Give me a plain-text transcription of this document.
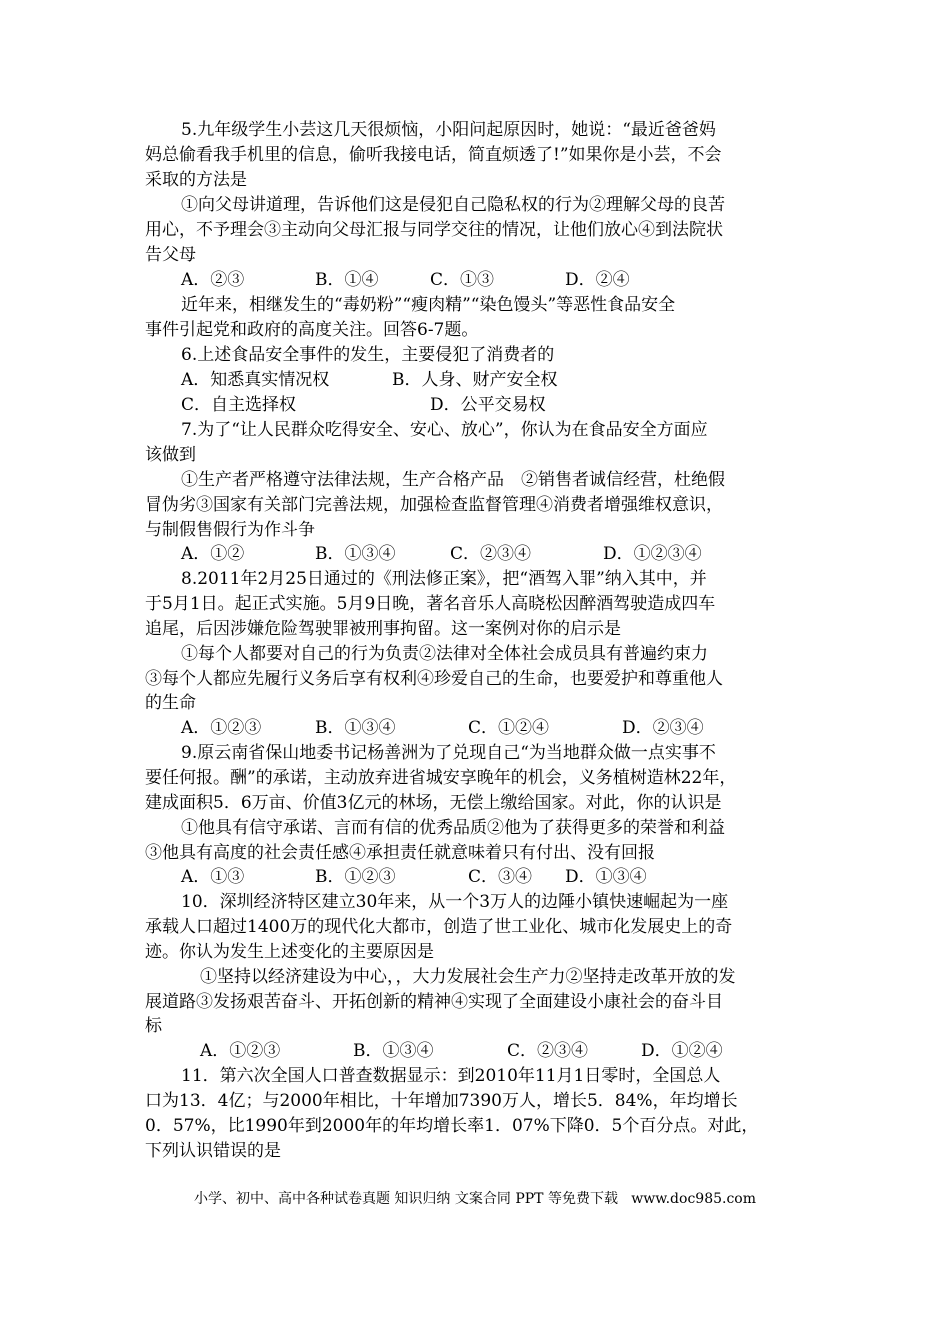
5.九年级学生小芸这几天很烦恼，小阳问起原因时，她说：“最近爸爸妈
妈总偷看我手机里的信息，偷听我接电话，简直烦透了!”如果你是小芸，不会
采取的方法是
①向父母讲道理，告诉他们这是侵犯自己隐私权的行为②理解父母的良苦
用心，不予理会③主动向父母汇报与同学交往的情况，让他们放心④到法院状
告父母
A．②③	B．①④	C．①③	D．②④
近年来，相继发生的“毒奶粉”“瘦肉精”“染色馒头”等恶性食品安全
事件引起党和政府的高度关注。回答6-7题。
6.上述食品安全事件的发生，主要侵犯了消费者的
A．知悉真实情况权	B．人身、财产安全权
C．自主选择权	D．公平交易权
7.为了“让人民群众吃得安全、安心、放心”，你认为在食品安全方面应
该做到
①生产者严格遵守法律法规，生产合格产品　②销售者诚信经营，杜绝假
冒伪劣③国家有关部门完善法规，加强检查监督管理④消费者增强维权意识，
与制假售假行为作斗争
A．①②	B．①③④	C．②③④	D．①②③④
8.2011年2月25日通过的《刑法修正案》，把“酒驾入罪”纳入其中，并
于5月1日。起正式实施。5月9日晚，著名音乐人高晓松因醉酒驾驶造成四车
追尾，后因涉嫌危险驾驶罪被刑事拘留。这一案例对你的启示是
①每个人都要对自己的行为负责②法律对全体社会成员具有普遍约束力
③每个人都应先履行义务后享有权利④珍爱自己的生命，也要爱护和尊重他人
的生命
A．①②③	B．①③④	C．①②④	D．②③④
9.原云南省保山地委书记杨善洲为了兑现自己“为当地群众做一点实事不
要任何报。酬”的承诺，主动放弃进省城安享晚年的机会，义务植树造林22年，
建成面积5．6万亩、价值3亿元的林场，无偿上缴给国家。对此，你的认识是
①他具有信守承诺、言而有信的优秀品质②他为了获得更多的荣誉和利益
③他具有高度的社会责任感④承担责任就意味着只有付出、没有回报
A．①③	B．①②③	C．③④ D．①③④
10．深圳经济特区建立30年来，从一个3万人的边陲小镇快速崛起为一座
承载人口超过1400万的现代化大都市，创造了世工业化、城市化发展史上的奇
迹。你认为发生上述变化的主要原因是
①坚持以经济建设为中心，，大力发展社会生产力②坚持走改革开放的发
展道路③发扬艰苦奋斗、开拓创新的精神④实现了全面建设小康社会的奋斗目
标
A．①②③	B．①③④	C．②③④	D．①②④
11．第六次全国人口普查数据显示：到2010年11月1日零时，全国总人
口为13．4亿；与2000年相比，十年增加7390万人，增长5．84%，年均增长
0．57%，比1990年到2000年的年均增长率1．07%下降0．5个百分点。对此，
下列认识错误的是
小学、初中、高中各种试卷真题 知识归纳 文案合同 PPT 等免费下载   www.doc985.com
